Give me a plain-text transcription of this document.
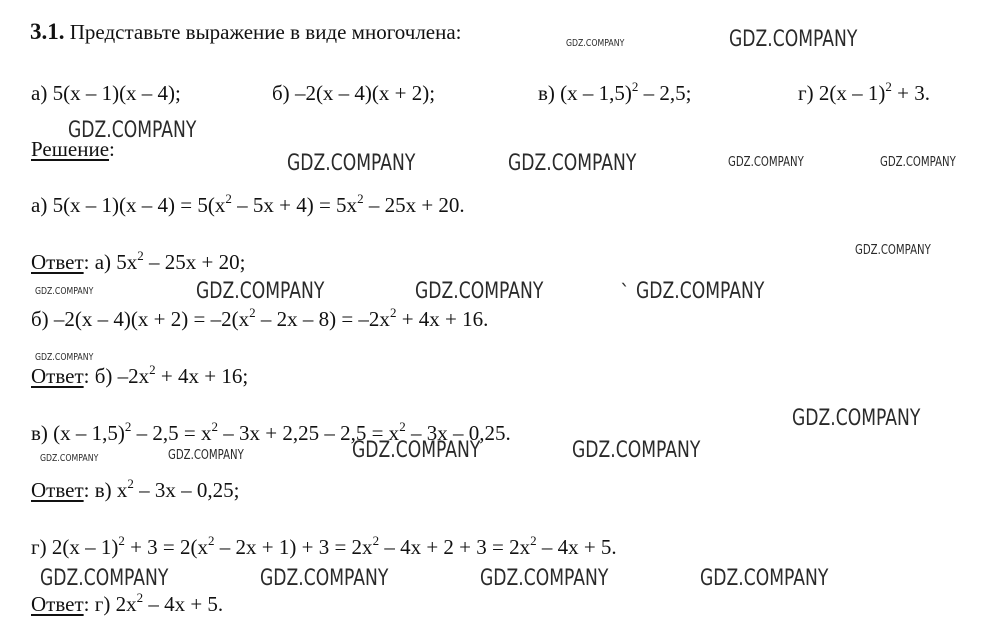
3.1. Представьте выражение в виде многочлена:
а) 5(x – 1)(x – 4);	б) –2(x – 4)(x + 2);	в) (x – 1,5)$^2$ – 2,5;	г) 2(x – 1)$^2$ + 3.
Решение:
а) $5(x - 1)(x - 4) = 5(x^2 - 5x + 4) = 5x^2 - 25x + 20$.
Ответ: а) $5x^2 - 25x + 20$;
б) $-2(x - 4)(x + 2) = -2(x^2 - 2x - 8) = -2x^2 + 4x + 16$.
Ответ: б) $-2x^2 + 4x + 16$;
в) $(x - 1,5)^2 - 2,5 = x^2 - 3x + 2,25 - 2,5 = x^2 - 3x - 0,25$.
Ответ: в) $x^2 - 3x - 0,25$;
г) $2(x - 1)^2 + 3 = 2(x^2 - 2x + 1) + 3 = 2x^2 - 4x + 2 + 3 = 2x^2 - 4x + 5$.
Ответ: г) $2x^2 - 4x + 5$.
GDZ.COMPANY	GDZ.COMPANY
GDZ.COMPANY
GDZ.COMPANY	GDZ.COMPANY	GDZ.COMPANY	GDZ.COMPANY
GDZ.COMPANY
GDZ.COMPANY	GDZ.COMPANY	GDZ.COMPANY	` GDZ.COMPANY
GDZ.COMPANY
GDZ.COMPANY
GDZ.COMPANY	GDZ.COMPANY	GDZ.COMPANY	GDZ.COMPANY
GDZ.COMPANY	GDZ.COMPANY	GDZ.COMPANY	GDZ.COMPANY
